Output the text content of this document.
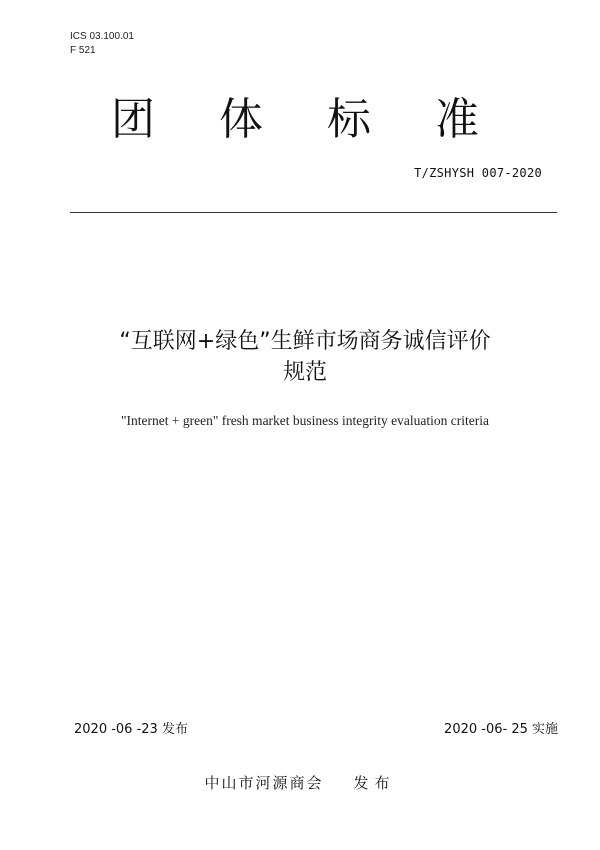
ICS 03.100.01
F 521
团 体 标 准
T/ZSHYSH 007-2020
“互联网+绿色”生鲜市场商务诚信评价
规范
"Internet + green" fresh market business integrity evaluation criteria
2020 -06 -23 发布	2020 -06- 25 实施
中山市河源商会 发布
